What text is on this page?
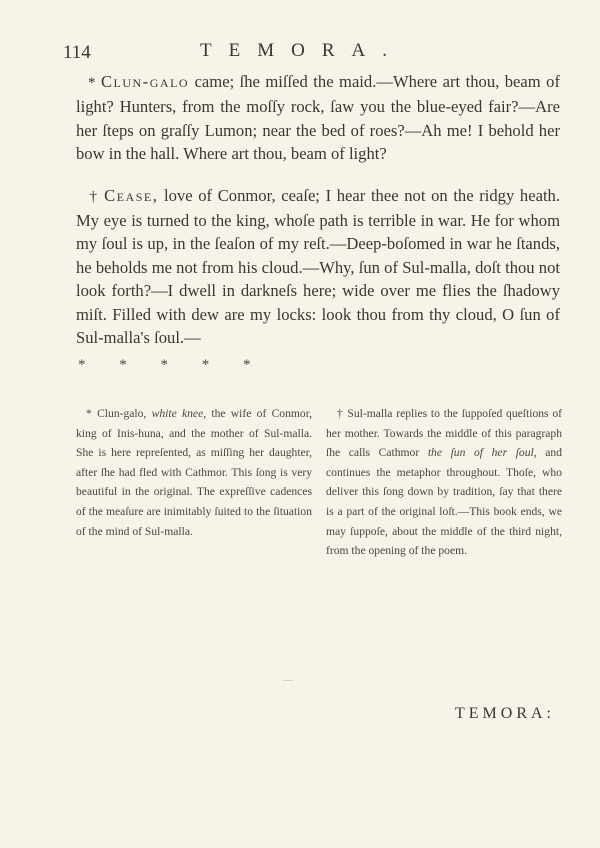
114	TEMORA.

* Clun-galo came; ſhe miſſed the maid.—Where art thou, beam of light? Hunters, from the moſſy rock, ſaw you the blue-eyed fair?—Are her ſteps on graſſy Lumon; near the bed of roes?—Ah me! I behold her bow in the hall. Where art thou, beam of light?

† Cease, love of Conmor, ceaſe; I hear thee not on the ridgy heath. My eye is turned to the king, whoſe path is terrible in war. He for whom my ſoul is up, in the ſeaſon of my reſt.—Deep-boſomed in war he ſtands, he beholds me not from his cloud.—Why, ſun of Sul-malla, doſt thou not look forth?—I dwell in darkneſs here; wide over me flies the ſhadowy miſt. Filled with dew are my locks: look thou from thy cloud, O ſun of Sul-malla's ſoul.—

* * * * *
* Clun-galo, white knee, the wife of Conmor, king of Inis-huna, and the mother of Sul-malla. She is here repreſented, as miſſing her daughter, after ſhe had fled with Cathmor. This ſong is very beautiful in the original. The expreſſive cadences of the meaſure are inimitably ſuited to the ſituation of the mind of Sul-malla.
† Sul-malla replies to the ſuppoſed queſtions of her mother. Towards the middle of this paragraph ſhe calls Cathmor the ſun of her ſoul, and continues the metaphor throughout. Thoſe, who deliver this ſong down by tradition, ſay that there is a part of the original loſt.—This book ends, we may ſuppoſe, about the middle of the third night, from the opening of the poem.
TEMORA:
